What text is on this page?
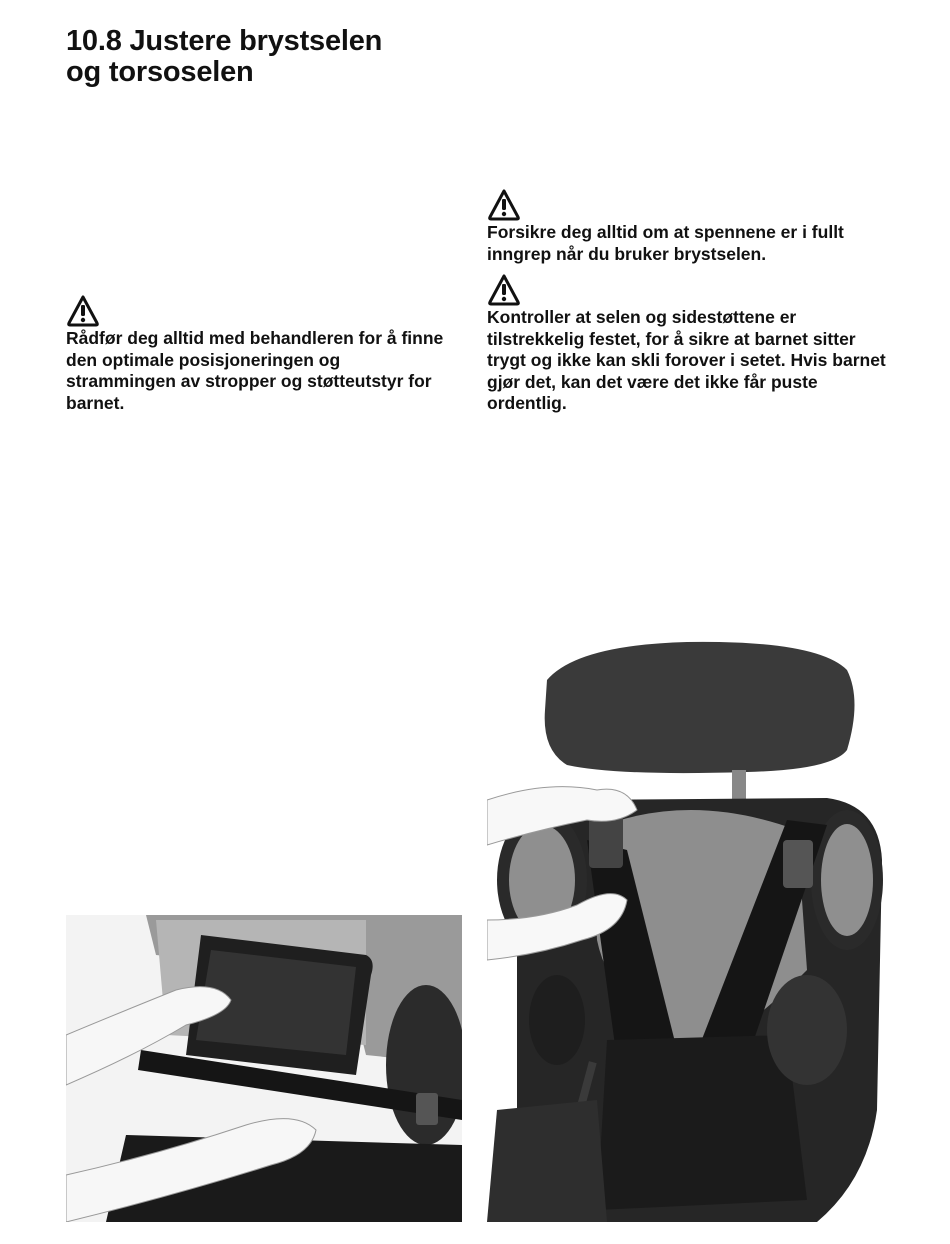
10.8 Justere brystselen
og torsoselen

Forsikre deg alltid om at spennene er i fullt inngrep når du bruker brystselen.

Kontroller at selen og sidestøttene er tilstrekkelig festet, for å sikre at barnet sitter trygt og ikke kan skli forover i setet. Hvis barnet gjør det, kan det være det ikke får puste ordentlig.

Rådfør deg alltid med behandleren for å finne den optimale posisjoneringen og strammingen av stropper og støtteutstyr for barnet.
